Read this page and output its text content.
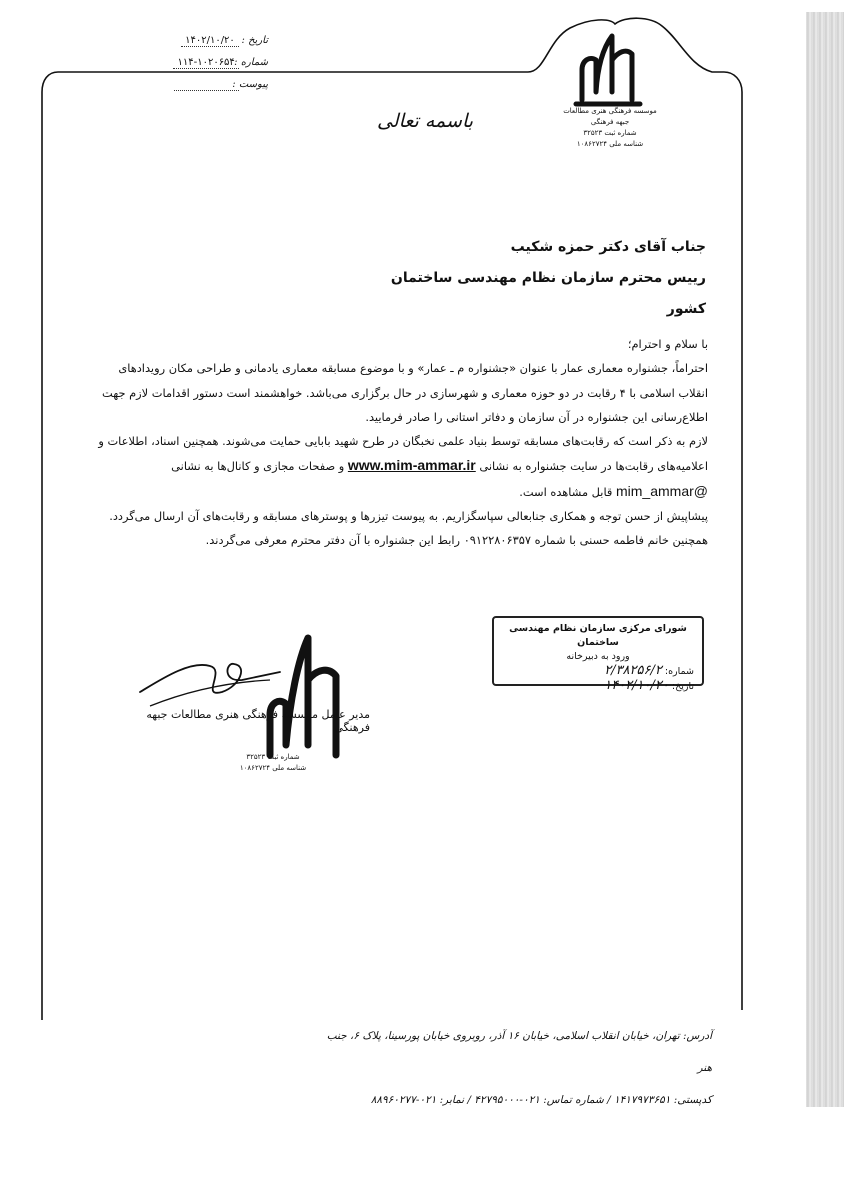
تاریخ : ۱۴۰۲/۱۰/۲۰
شماره : ۱۱۴-۱۰۲۰۶۵۴
پیوست :
موسسه فرهنگی هنری مطالعات جبهه فرهنگی
شماره ثبت ۳۲۵۲۳
شناسه ملی ۱۰۸۶۲۷۲۴
باسمه تعالی
جناب آقای دکتر حمزه شکیب
رییس محترم سازمان نظام مهندسی ساختمان کشور

با سلام و احترام؛

احتراماً، جشنواره معماری عمار با عنوان «جشنواره م ـ عمار» و با موضوع مسابقه معماری یادمانی و طراحی مکان رویدادهای انقلاب اسلامی با ۴ رقابت در دو حوزه معماری و شهرسازی در حال برگزاری می‌باشد. خواهشمند است دستور اقدامات لازم جهت اطلاع‌رسانی این جشنواره در آن سازمان و دفاتر استانی را صادر فرمایید.

لازم به ذکر است که رقابت‌های مسابقه توسط بنیاد علمی نخبگان در طرح شهید بابایی حمایت می‌شوند. همچنین اسناد، اطلاعات و اعلامیه‌های رقابت‌ها در سایت جشنواره به نشانی www.mim-ammar.ir و صفحات مجازی و کانال‌ها به نشانی mim_ammar@ قابل مشاهده است.

پیشاپیش از حسن توجه و همکاری جنابعالی سپاسگزاریم. به پیوست تیزرها و پوسترهای مسابقه و رقابت‌های آن ارسال می‌گردد. همچنین خانم فاطمه حسنی با شماره ۰۹۱۲۲۸۰۶۳۵۷ رابط این جشنواره با آن دفتر محترم معرفی می‌گردند.

شورای مرکزی سازمان نظام مهندسی ساختمان
ورود به دبیرخانه
شماره: ۲/۳۸۲۵۶/۲
تاریخ: ۱۴۰۲/۱۰/۲۰
مدیر عامل موسسه فرهنگی هنری مطالعات جبهه فرهنگی
شماره ثبت ۳۲۵۲۳
شناسه ملی ۱۰۸۶۲۷۲۴
آدرس: تهران، خیابان انقلاب اسلامی، خیابان ۱۶ آذر، روبروی خیابان پورسینا، پلاک ۶، جنب هنر
کدپستی: ۱۴۱۷۹۷۳۶۵۱ / شماره تماس: ۰۲۱-۴۲۷۹۵۰۰۰ / نمابر: ۰۲۱-۸۸۹۶۰۲۷۷
